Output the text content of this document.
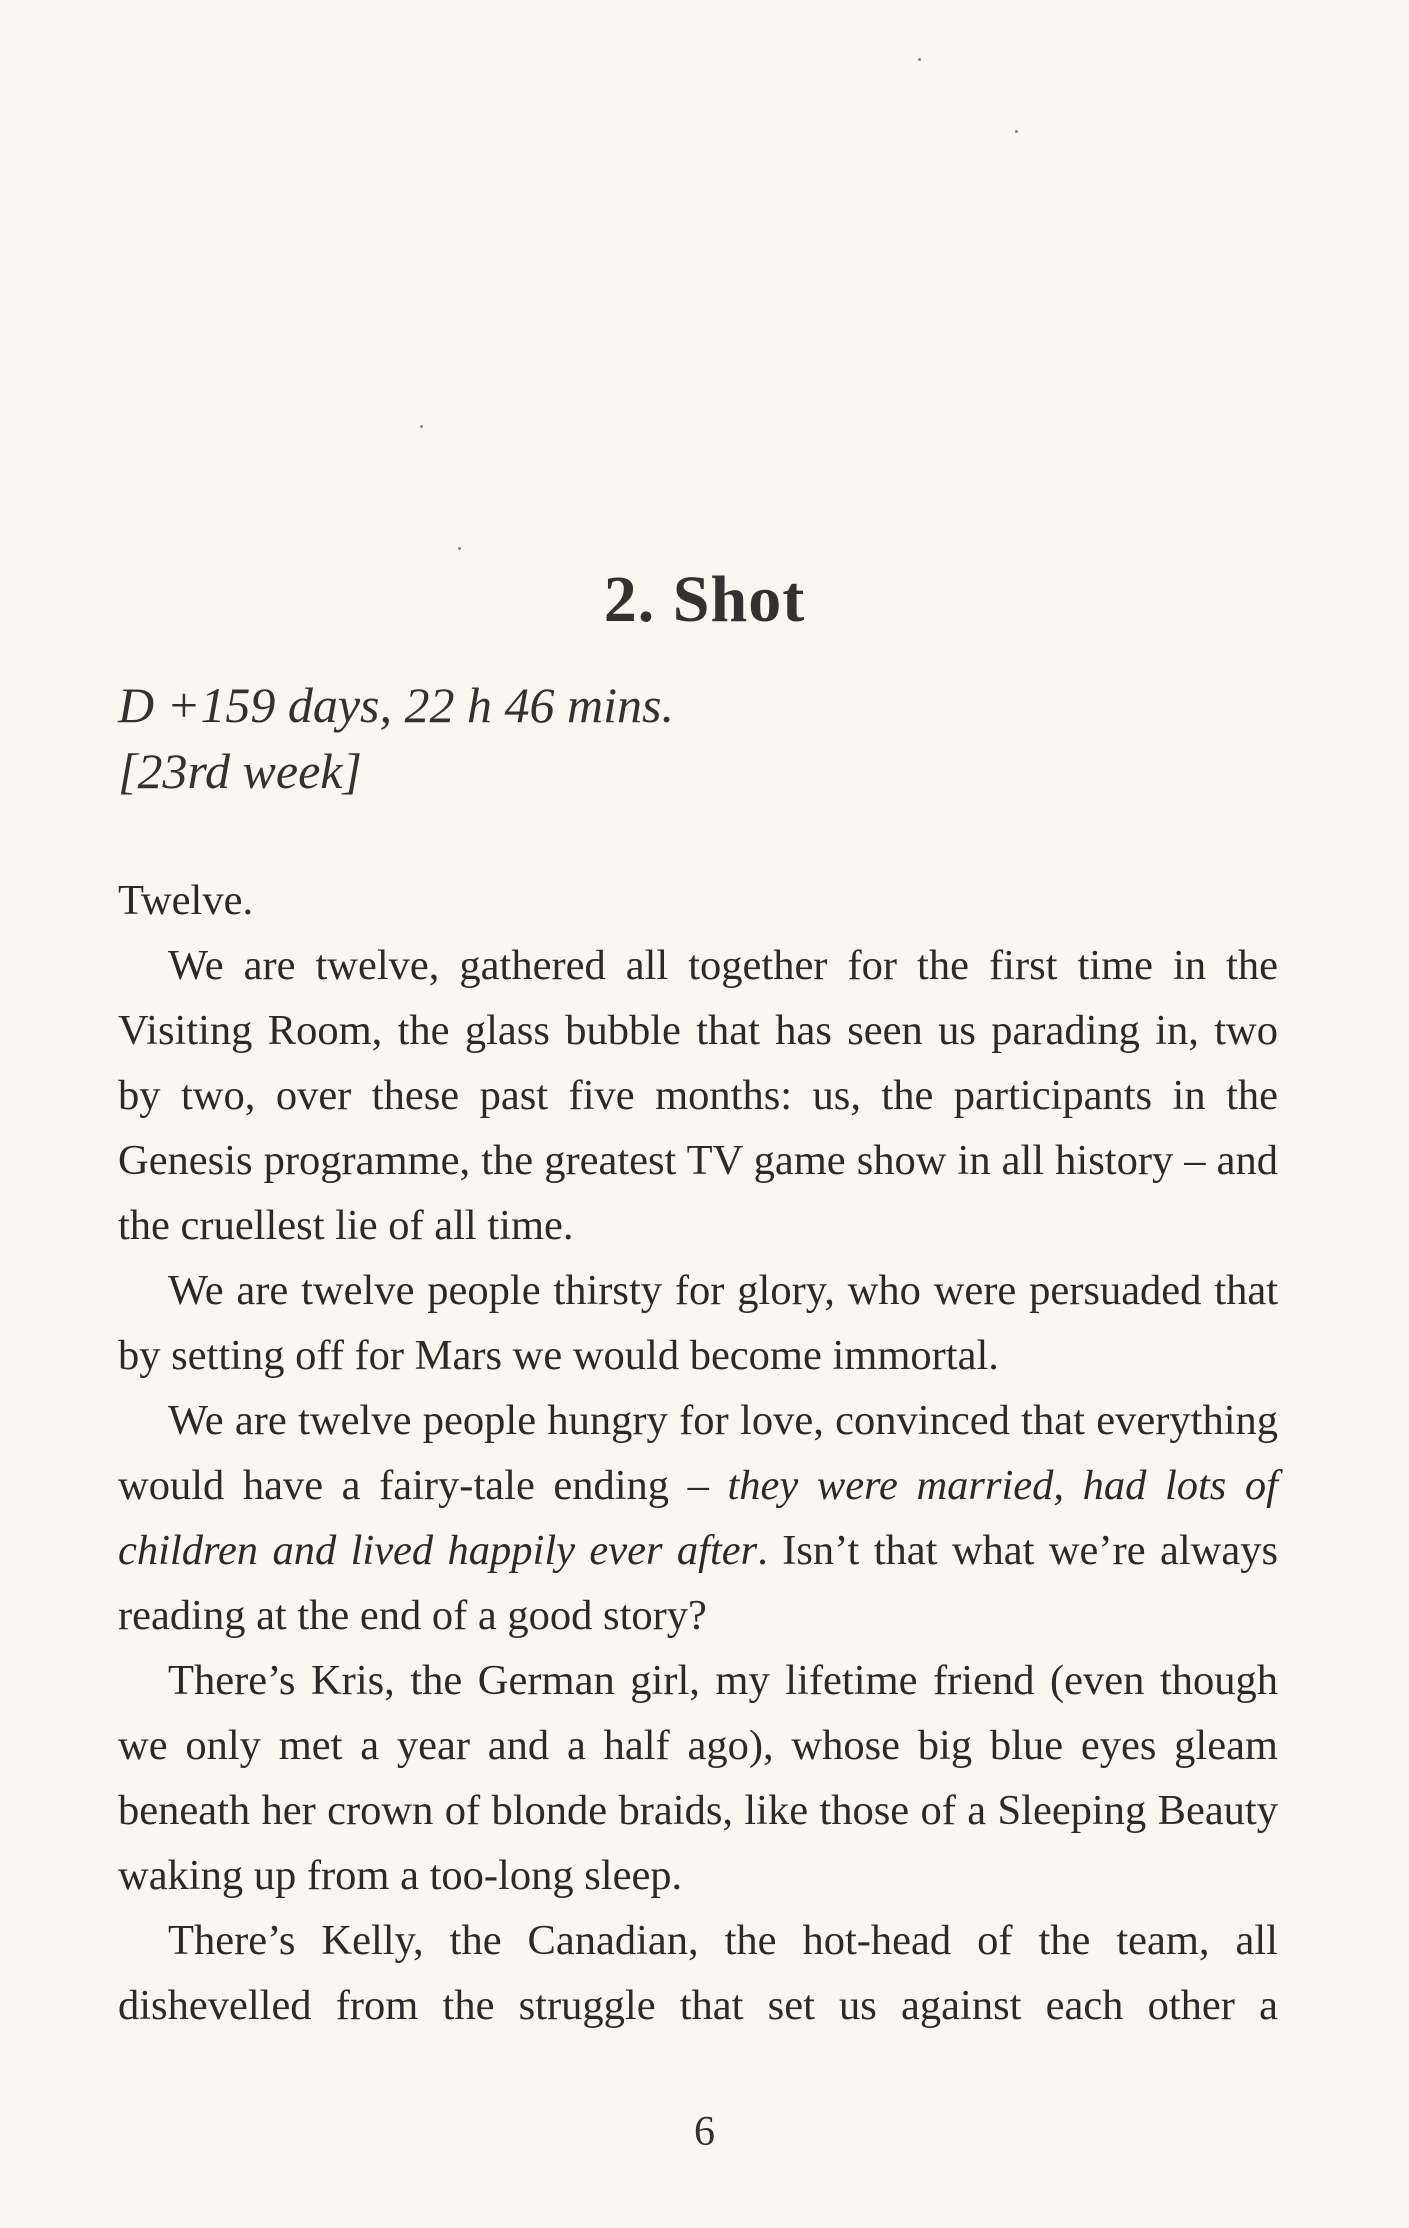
2. Shot
D +159 days, 22 h 46 mins.
[23rd week]

Twelve.

We are twelve, gathered all together for the first time in the Visiting Room, the glass bubble that has seen us parading in, two by two, over these past five months: us, the participants in the Genesis programme, the greatest TV game show in all history – and the cruellest lie of all time.

We are twelve people thirsty for glory, who were persuaded that by setting off for Mars we would become immortal.

We are twelve people hungry for love, convinced that everything would have a fairy-tale ending – they were married, had lots of children and lived happily ever after. Isn’t that what we’re always reading at the end of a good story?

There’s Kris, the German girl, my lifetime friend (even though we only met a year and a half ago), whose big blue eyes gleam beneath her crown of blonde braids, like those of a Sleeping Beauty waking up from a too-long sleep.

There’s Kelly, the Canadian, the hot-head of the team, all dishevelled from the struggle that set us against each other a

6
